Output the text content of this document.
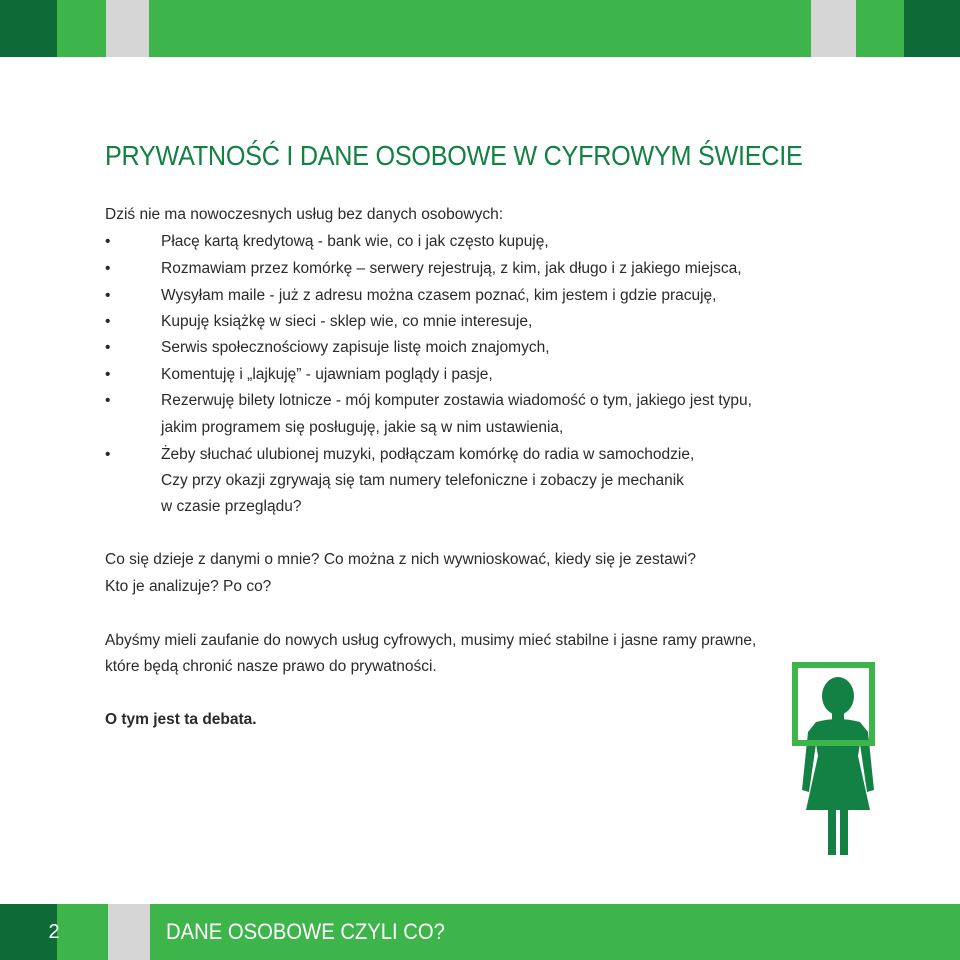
PRYWATNOŚĆ I DANE OSOBOWE W CYFROWYM ŚWIECIE
Dziś nie ma nowoczesnych usług bez danych osobowych:
•	Płacę kartą kredytową - bank wie, co i jak często kupuję,
•	Rozmawiam przez komórkę – serwery rejestrują, z kim, jak długo i z jakiego miejsca,
•	Wysyłam maile - już z adresu można czasem poznać, kim jestem i gdzie pracuję,
•	Kupuję książkę w sieci - sklep wie, co mnie interesuje,
•	Serwis społecznościowy zapisuje listę moich znajomych,
•	Komentuję i „lajkuję” - ujawniam poglądy i pasje,
•	Rezerwuję bilety lotnicze - mój komputer zostawia wiadomość o tym, jakiego jest typu,
jakim programem się posługuję, jakie są w nim ustawienia,
•	Żeby słuchać ulubionej muzyki, podłączam komórkę do radia w samochodzie,
Czy przy okazji zgrywają się tam numery telefoniczne i zobaczy je mechanik
w czasie przeglądu?
Co się dzieje z danymi o mnie? Co można z nich wywnioskować, kiedy się je zestawi?
Kto je analizuje? Po co?
Abyśmy mieli zaufanie do nowych usług cyfrowych, musimy mieć stabilne i jasne ramy prawne,
które będą chronić nasze prawo do prywatności.
O tym jest ta debata.
2	DANE OSOBOWE CZYLI CO?
